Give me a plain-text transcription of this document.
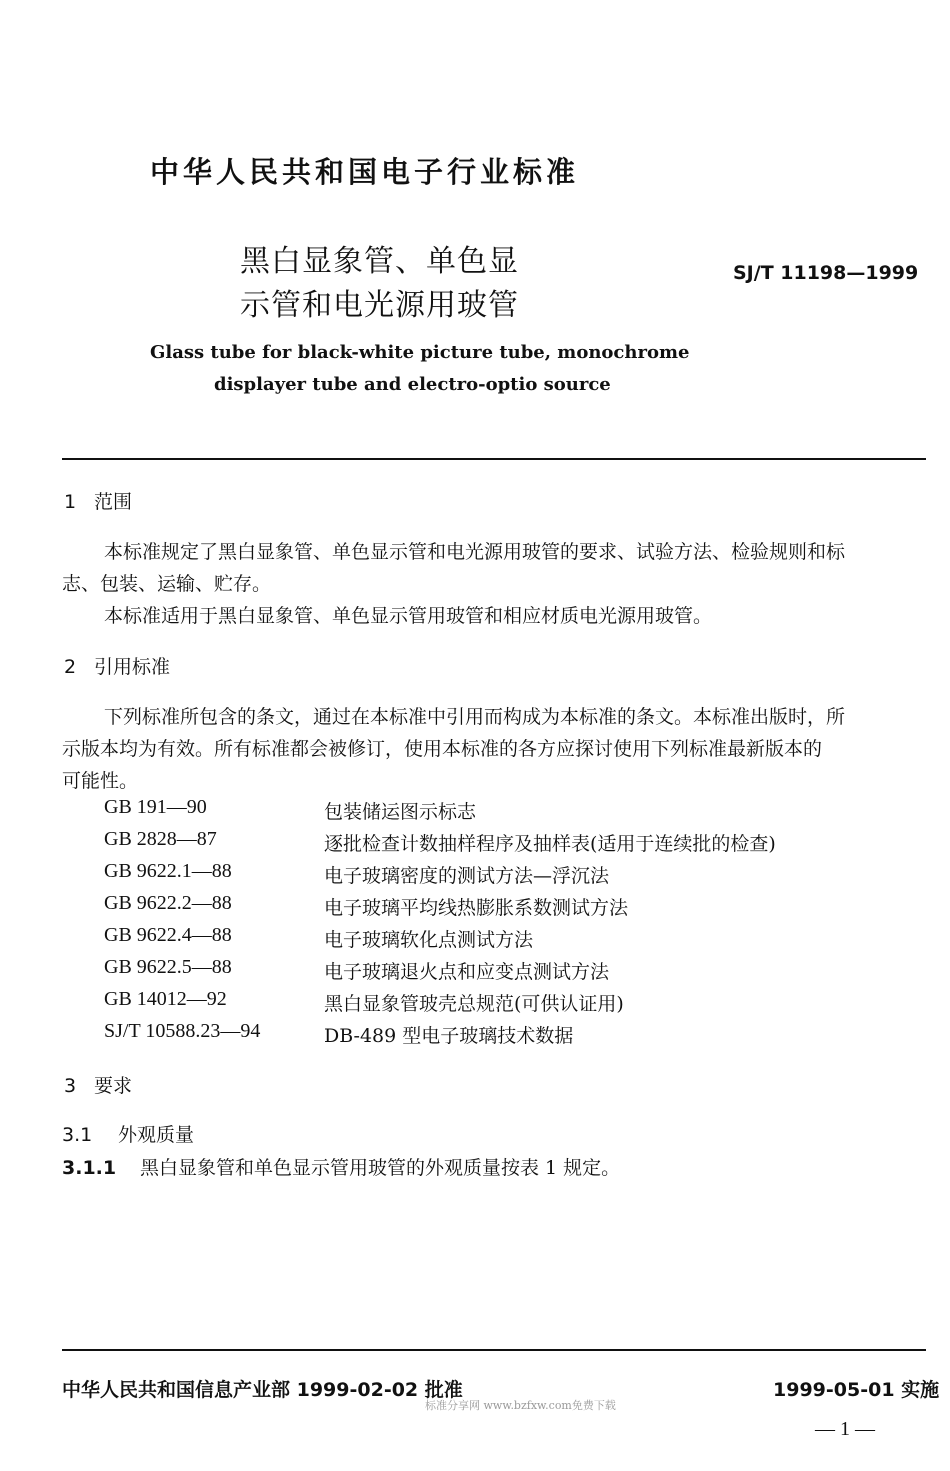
中华人民共和国电子行业标准
黑白显象管、单色显
示管和电光源用玻管
SJ/T 11198—1999
Glass tube for black-white picture tube, monochrome
displayer tube and electro-optio source
1 范围
本标准规定了黑白显象管、单色显示管和电光源用玻管的要求、试验方法、检验规则和标
志、包装、运输、贮存。
本标准适用于黑白显象管、单色显示管用玻管和相应材质电光源用玻管。
2 引用标准
下列标准所包含的条文，通过在本标准中引用而构成为本标准的条文。本标准出版时，所
示版本均为有效。所有标准都会被修订，使用本标准的各方应探讨使用下列标准最新版本的
可能性。
GB 191—90	包装储运图示标志
GB 2828—87	逐批检查计数抽样程序及抽样表(适用于连续批的检查)
GB 9622.1—88	电子玻璃密度的测试方法—浮沉法
GB 9622.2—88	电子玻璃平均线热膨胀系数测试方法
GB 9622.4—88	电子玻璃软化点测试方法
GB 9622.5—88	电子玻璃退火点和应变点测试方法
GB 14012—92	黑白显象管玻壳总规范(可供认证用)
SJ/T 10588.23—94	DB-489 型电子玻璃技术数据
3 要求
3.1 外观质量
3.1.1 黑白显象管和单色显示管用玻管的外观质量按表 1 规定。
中华人民共和国信息产业部 1999-02-02 批准	1999-05-01 实施
标准分享网 www.bzfxw.com免费下载
— 1 —
